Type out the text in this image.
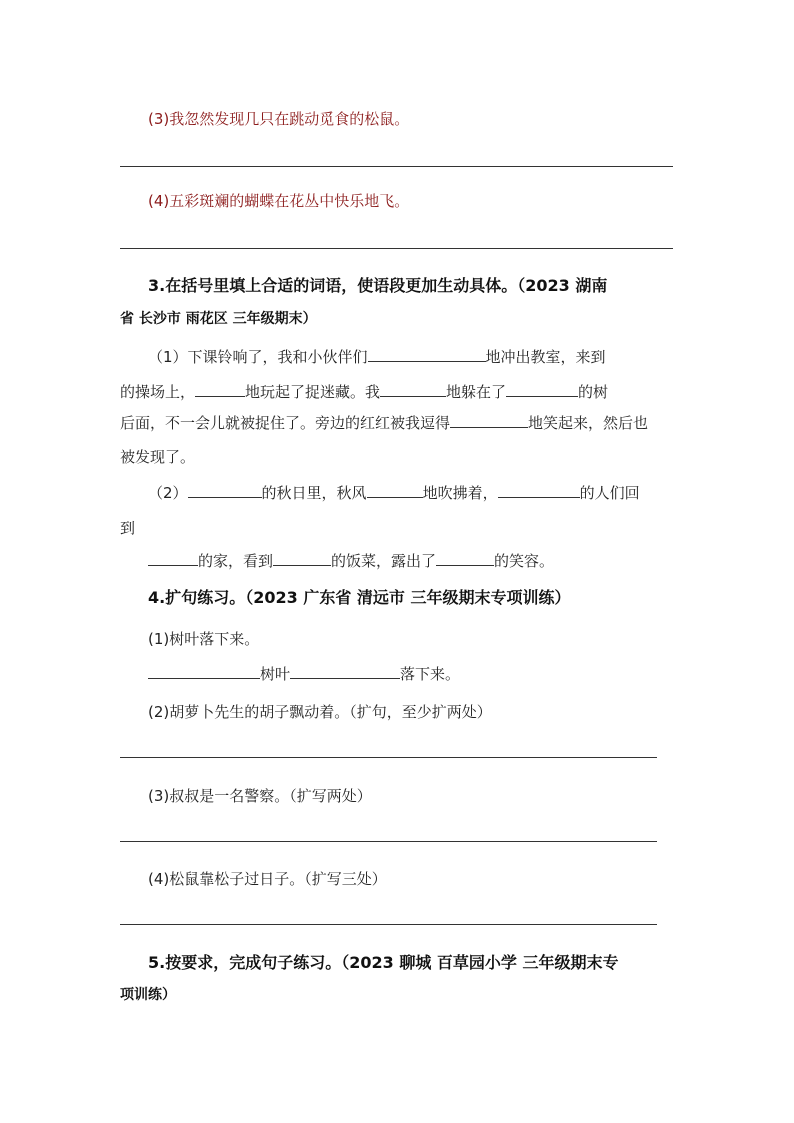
(3)我忽然发现几只在跳动觅食的松鼠。
(4)五彩斑斓的蝴蝶在花丛中快乐地飞。
3.在括号里填上合适的词语，使语段更加生动具体。（2023 湖南
省 长沙市 雨花区 三年级期末）
（1）下课铃响了，我和小伙伴们	地冲出教室，来到
的操场上，	地玩起了捉迷藏。我	地躲在了	的树
后面，不一会儿就被捉住了。旁边的红红被我逗得	地笑起来，然后也
被发现了。
（2）	的秋日里，秋风	地吹拂着，	的人们回
到
的家，看到	的饭菜，露出了	的笑容。
4.扩句练习。（2023 广东省 清远市 三年级期末专项训练）
(1)树叶落下来。
树叶	落下来。
(2)胡萝卜先生的胡子飘动着。（扩句，至少扩两处）
(3)叔叔是一名警察。（扩写两处）
(4)松鼠靠松子过日子。（扩写三处）
5.按要求，完成句子练习。（2023 聊城 百草园小学 三年级期末专
项训练）
